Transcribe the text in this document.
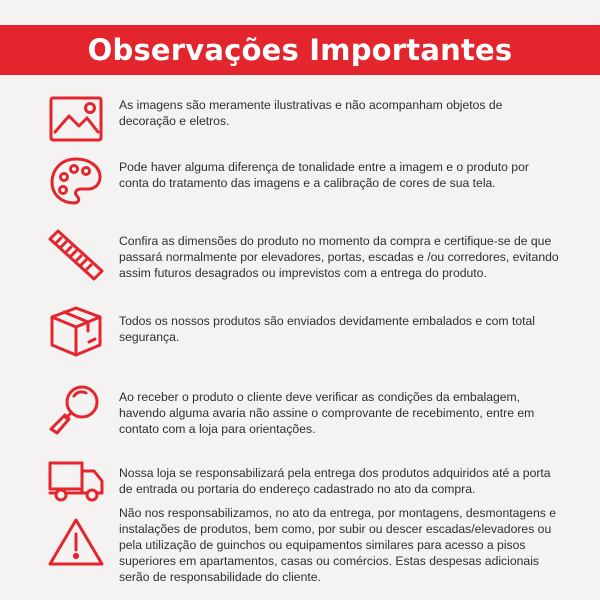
Observações Importantes

As imagens são meramente ilustrativas e não acompanham objetos de decoração e eletros.

Pode haver alguma diferença de tonalidade entre a imagem e o produto por conta do tratamento das imagens e a calibração de cores de sua tela.

Confira as dimensões do produto no momento da compra e certifique-se de que passará normalmente por elevadores, portas, escadas e /ou corredores, evitando assim futuros desagrados ou imprevistos com a entrega do produto.

Todos os nossos produtos são enviados devidamente embalados e com total segurança.

Ao receber o produto o cliente deve verificar as condições da embalagem, havendo alguma avaria não assine o comprovante de recebimento, entre em contato com a loja para orientações.

Nossa loja se responsabilizará pela entrega dos produtos adquiridos até a porta de entrada ou portaria do endereço cadastrado no ato da compra.

Não nos responsabilizamos, no ato da entrega, por montagens, desmontagens e instalações de produtos, bem como, por subir ou descer escadas/elevadores ou pela utilização de guinchos ou equipamentos similares para acesso a pisos superiores em apartamentos, casas ou comércios. Estas despesas adicionais serão de responsabilidade do cliente.
